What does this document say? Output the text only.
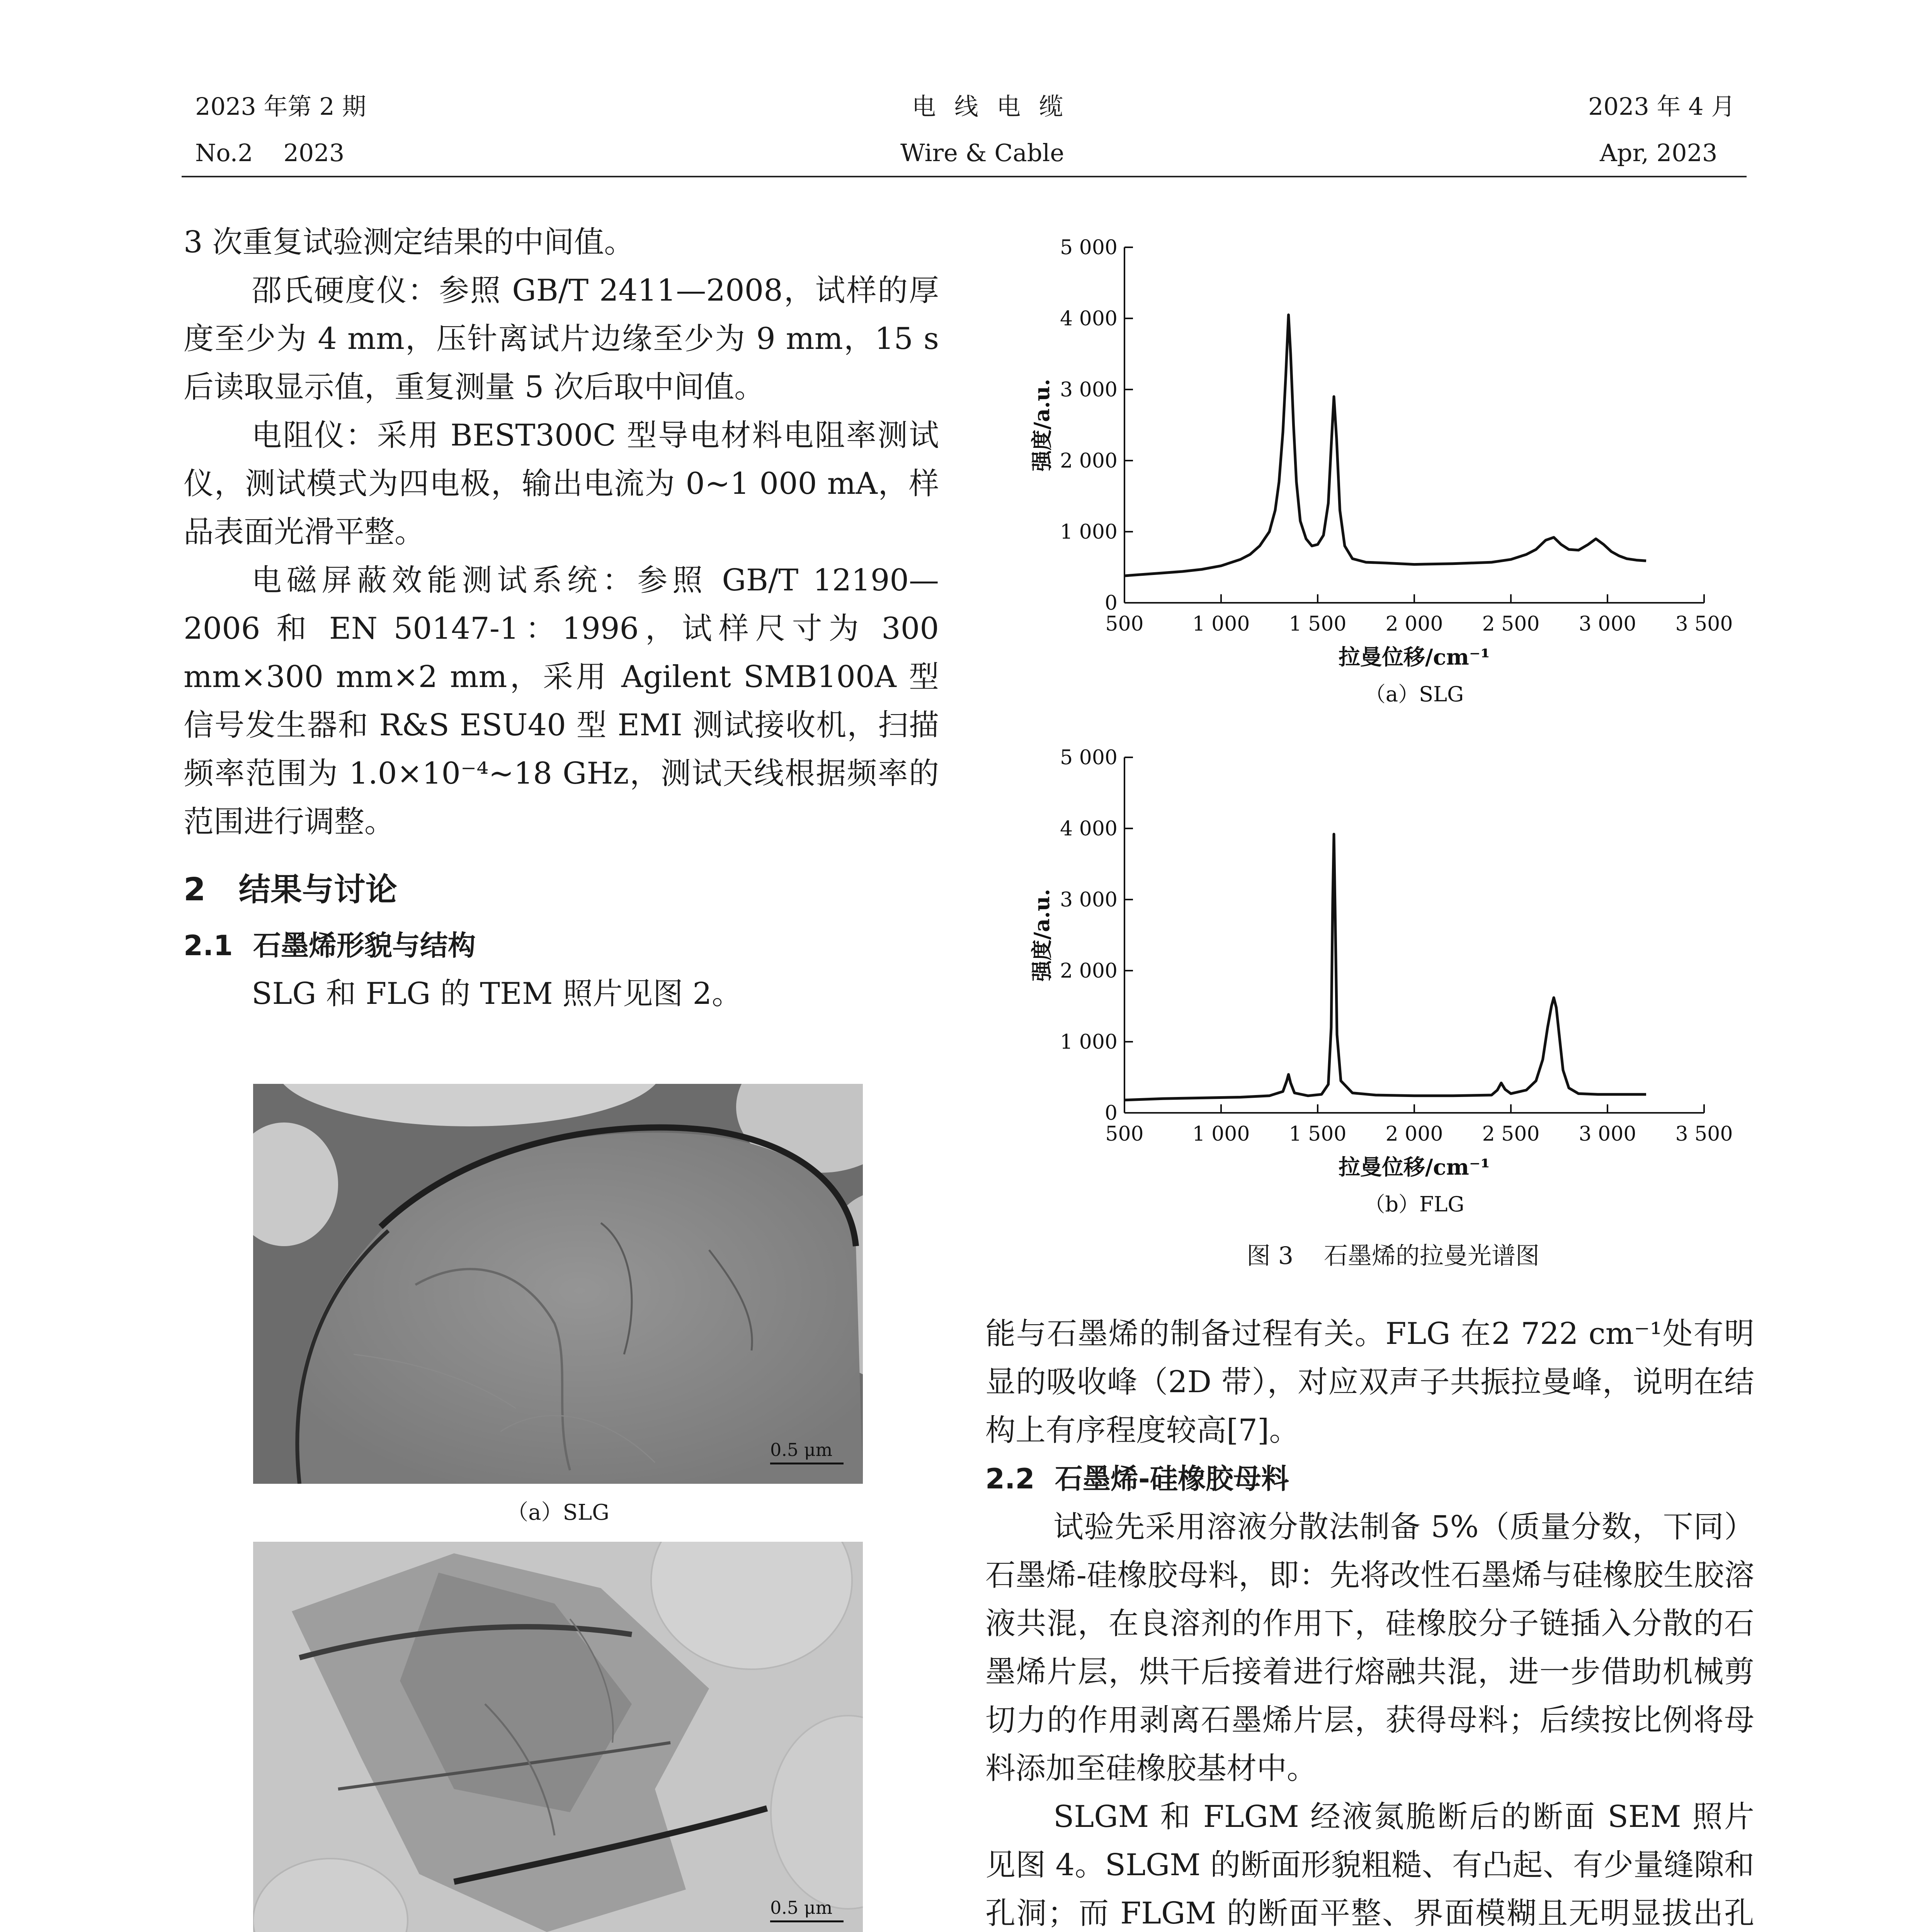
2023 年第 2 期
No.2    2023
电 线 电 缆
Wire & Cable
2023 年 4 月
Apr, 2023

3 次重复试验测定结果的中间值。

邵氏硬度仪：参照 GB/T 2411—2008，试样的厚度至少为 4 mm，压针离试片边缘至少为 9 mm，15 s 后读取显示值，重复测量 5 次后取中间值。

电阻仪：采用 BEST300C 型导电材料电阻率测试仪，测试模式为四电极，输出电流为 0~1 000 mA，样品表面光滑平整。

电磁屏蔽效能测试系统：参照 GB/T 12190—2006 和 EN 50147-1：1996，试样尺寸为 300 mm×300 mm×2 mm，采用 Agilent SMB100A 型信号发生器和 R&S ESU40 型 EMI 测试接收机，扫描频率范围为 1.0×10⁻⁴~18 GHz，测试天线根据频率的范围进行调整。

2   结果与讨论
2.1 石墨烯形貌与结构

SLG 和 FLG 的 TEM 照片见图 2。

0.5 μm
（a）SLG
0.5 μm

0
1 000
2 000
3 000
4 000
5 000
500 1 000 1 500 2 000 2 500 3 000 3 500
强度/a.u.
拉曼位移/cm⁻¹
（a）SLG
0
1 000
2 000
3 000
4 000
5 000
500 1 000 1 500 2 000 2 500 3 000 3 500
强度/a.u.
拉曼位移/cm⁻¹
（b）FLG
图 3    石墨烯的拉曼光谱图

能与石墨烯的制备过程有关。FLG 在2 722 cm⁻¹处有明显的吸收峰（2D 带），对应双声子共振拉曼峰，说明在结构上有序程度较高[7]。

2.2 石墨烯-硅橡胶母料

试验先采用溶液分散法制备 5%（质量分数，下同）石墨烯-硅橡胶母料，即：先将改性石墨烯与硅橡胶生胶溶液共混，在良溶剂的作用下，硅橡胶分子链插入分散的石墨烯片层，烘干后接着进行熔融共混，进一步借助机械剪切力的作用剥离石墨烯片层，获得母料；后续按比例将母料添加至硅橡胶基材中。

SLGM 和 FLGM 经液氮脆断后的断面 SEM 照片见图 4。SLGM 的断面形貌粗糙、有凸起、有少量缝隙和孔洞；而 FLGM 的断面平整、界面模糊且无明显拔出孔
